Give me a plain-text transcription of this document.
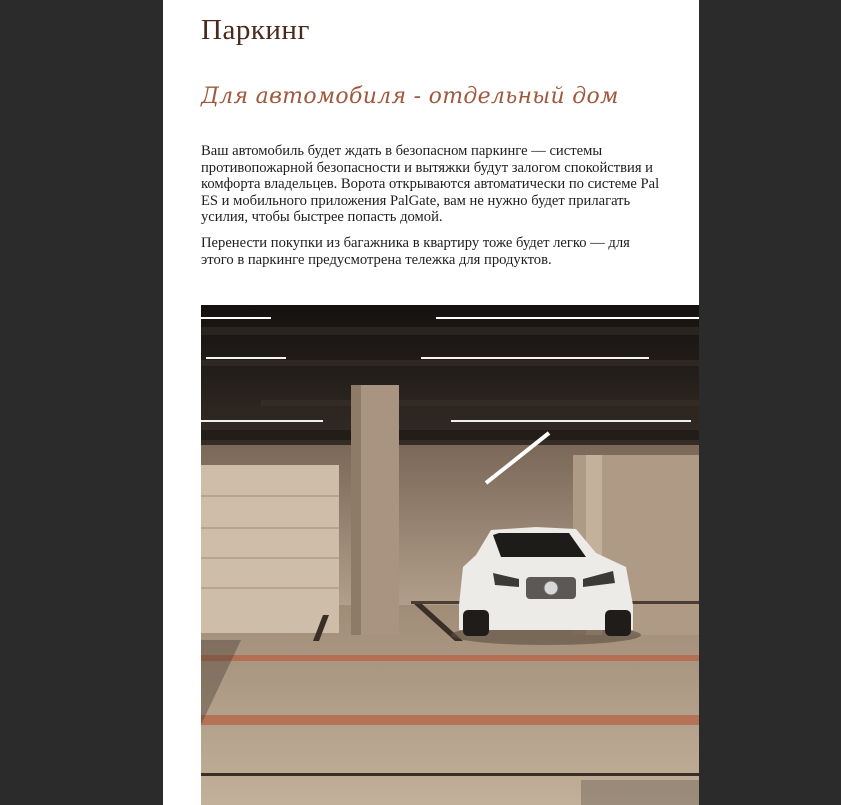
Паркинг
Для автомобиля - отдельный дом

Ваш автомобиль будет ждать в безопасном паркинге — системы противопожарной безопасности и вытяжки будут залогом спокойствия и комфорта владельцев. Ворота открываются автоматически по системе Pal ES и мобильного приложения PalGate, вам не нужно будет прилагать усилия, чтобы быстрее попасть домой.

Перенести покупки из багажника в квартиру тоже будет легко — для этого в паркинге предусмотрена тележка для продуктов.
